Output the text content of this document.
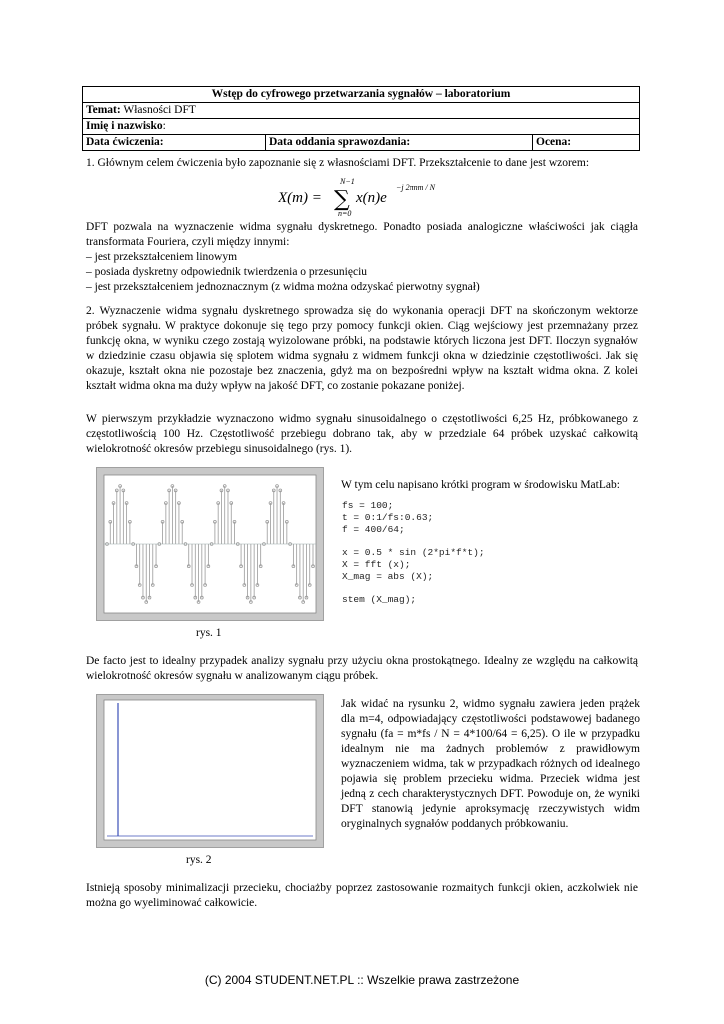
Wstęp do cyfrowego przetwarzania sygnałów – laboratorium
Temat: Własności DFT
Imię i nazwisko:
Data ćwiczenia:	Data oddania sprawozdania:	Ocena:
1. Głównym celem ćwiczenia było zapoznanie się z własnościami DFT. Przekształcenie to dane jest wzorem:
X(m) =
N−1
∑
n=0
x(n)e
−j 2πnm / N
DFT pozwala na wyznaczenie widma sygnału dyskretnego. Ponadto posiada analogiczne właściwości jak ciągła transformata Fouriera, czyli między innymi:
– jest przekształceniem linowym
– posiada dyskretny odpowiednik twierdzenia o przesunięciu
– jest przekształceniem jednoznacznym (z widma można odzyskać pierwotny sygnał)
2. Wyznaczenie widma sygnału dyskretnego sprowadza się do wykonania operacji DFT na skończonym wektorze próbek sygnału. W praktyce dokonuje się tego przy pomocy funkcji okien. Ciąg wejściowy jest przemnażany przez funkcję okna, w wyniku czego zostają wyizolowane próbki, na podstawie których liczona jest DFT. Iloczyn sygnałów w dziedzinie czasu objawia się splotem widma sygnału z widmem funkcji okna w dziedzinie częstotliwości. Jak się okazuje, kształt okna nie pozostaje bez znaczenia, gdyż ma on bezpośredni wpływ na kształt widma okna. Z kolei kształt widma okna ma duży wpływ na jakość DFT, co zostanie pokazane poniżej.
W pierwszym przykładzie wyznaczono widmo sygnału sinusoidalnego o częstotliwości 6,25 Hz, próbkowanego z częstotliwością 100 Hz. Częstotliwość przebiegu dobrano tak, aby w przedziale 64 próbek uzyskać całkowitą wielokrotność okresów przebiegu sinusoidalnego (rys. 1).
rys. 1
W tym celu napisano krótki program w środowisku MatLab:
fs = 100;
t = 0:1/fs:0.63;
f = 400/64;

x = 0.5 * sin (2*pi*f*t);
X = fft (x);
X_mag = abs (X);

stem (X_mag);
De facto jest to idealny przypadek analizy sygnału przy użyciu okna prostokątnego. Idealny ze względu na całkowitą wielokrotność okresów sygnału w analizowanym ciągu próbek.
rys. 2
Jak widać na rysunku 2, widmo sygnału zawiera jeden prążek dla m=4, odpowiadający częstotliwości podstawowej badanego sygnału (fa = m*fs / N = 4*100/64 = 6,25). O ile w przypadku idealnym nie ma żadnych problemów z prawidłowym wyznaczeniem widma, tak w przypadkach różnych od idealnego pojawia się problem przecieku widma. Przeciek widma jest jedną z cech charakterystycznych DFT. Powoduje on, że wyniki DFT stanowią jedynie aproksymację rzeczywistych widm oryginalnych sygnałów poddanych próbkowaniu.
Istnieją sposoby minimalizacji przecieku, chociażby poprzez zastosowanie rozmaitych funkcji okien, aczkolwiek nie można go wyeliminować całkowicie.
(C) 2004 STUDENT.NET.PL :: Wszelkie prawa zastrzeżone
